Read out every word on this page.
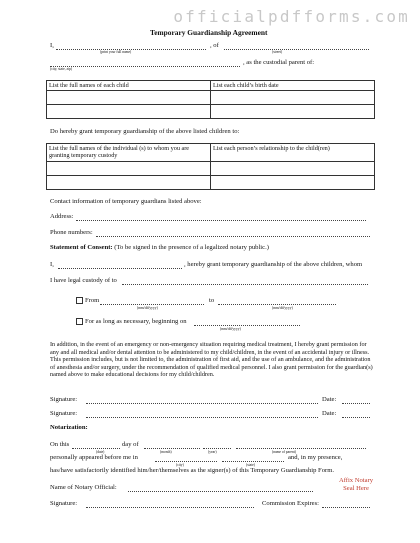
officialpdfforms.com
Temporary Guardianship Agreement
I,	, of
(print your full name)	(street)
, as the custodial parent of:
(city, state, zip)
List the full names of each child	List each child’s birth date

Do hereby grant temporary guardianship of the above listed children to:
List the full names of the individual (s) to whom you are granting temporary custody	List each person’s relationship to the child(ren)

Contact information of temporary guardians listed above:
Address:
Phone numbers:
Statement of Consent: (To be signed in the presence of a legalized notary public.)
I,	, hereby grant temporary guardianship of the above children, whom
I have legal custody of to
From	to
(mm/dd/yyyy)	(mm/dd/yyyy)
For as long as necessary, beginning on
(mm/dd/yyyy)
In addition, in the event of an emergency or non-emergency situation requiring medical treatment, I hereby grant permission for any and all medical and/or dental attention to be administered to my child/children, in the event of an accidental injury or illness. This permission includes, but is not limited to, the administration of first aid, and the use of an ambulance, and the administration of anesthesia and/or surgery, under the recommendation of qualified medical personnel. I also grant permission for the guardian(s) named above to make educational decisions for my child/children.
Signature:	Date:
Signature:	Date:
Notarization:
On this	day of
(date)	(month)	(year)	(name of parent)
personally appeared before me in	and, in my presence,
(city)	(state)
has/have satisfactorily identified him/her/themselves as the signer(s) of this Temporary Guardianship Form.
Name of Notary Official:
Affix Notary
Seal Here
Signature:	Commission Expires:
